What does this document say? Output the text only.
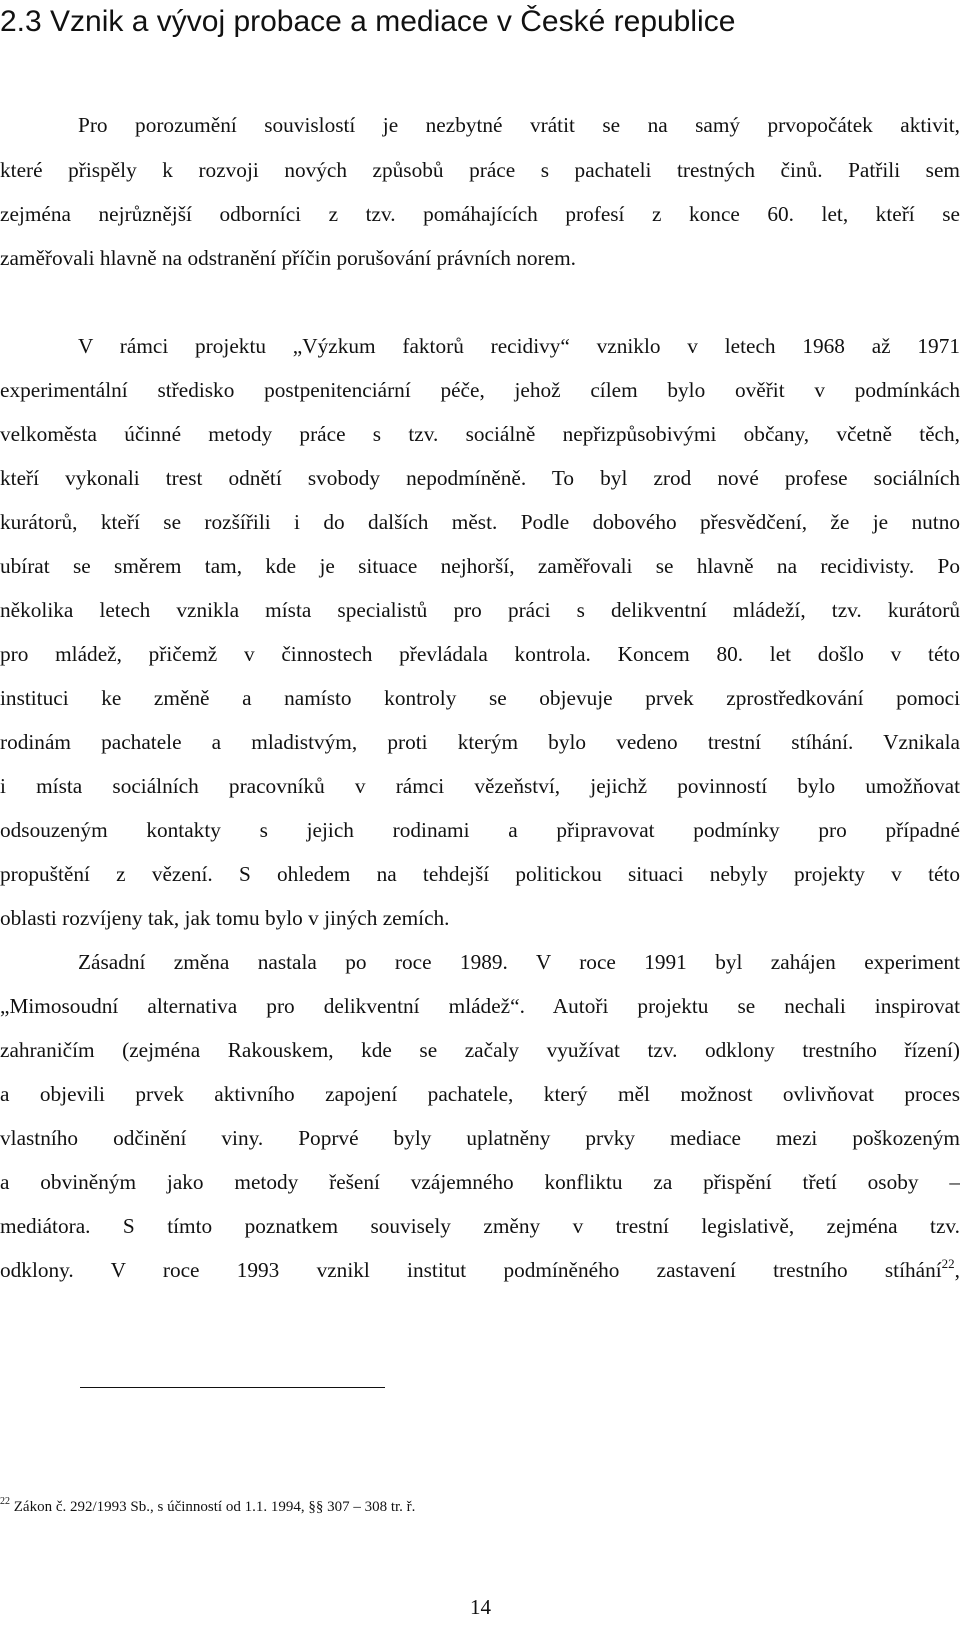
2.3 Vznik a vývoj probace a mediace v České republice
Pro porozumění souvislostí je nezbytné vrátit se na samý prvopočátek aktivit,
které přispěly k rozvoji nových způsobů práce s pachateli trestných činů. Patřili sem
zejména nejrůznější odborníci z tzv. pomáhajících profesí z konce 60. let, kteří se
zaměřovali hlavně na odstranění příčin porušování právních norem.
V rámci projektu „Výzkum faktorů recidivy“ vzniklo v letech 1968 až 1971
experimentální středisko postpenitenciární péče, jehož cílem bylo ověřit v podmínkách
velkoměsta účinné metody práce s tzv. sociálně nepřizpůsobivými občany, včetně těch,
kteří vykonali trest odnětí svobody nepodmíněně. To byl zrod nové profese sociálních
kurátorů, kteří se rozšířili i do dalších měst. Podle dobového přesvědčení, že je nutno
ubírat se směrem tam, kde je situace nejhorší, zaměřovali se hlavně na recidivisty. Po
několika letech vznikla místa specialistů pro práci s delikventní mládeží, tzv. kurátorů
pro mládež, přičemž v činnostech převládala kontrola. Koncem 80. let došlo v této
instituci ke změně a namísto kontroly se objevuje prvek zprostředkování pomoci
rodinám pachatele a mladistvým, proti kterým bylo vedeno trestní stíhání. Vznikala
i místa sociálních pracovníků v rámci vězeňství, jejichž povinností bylo umožňovat
odsouzeným kontakty s jejich rodinami a připravovat podmínky pro případné
propuštění z vězení. S ohledem na tehdejší politickou situaci nebyly projekty v této
oblasti rozvíjeny tak, jak tomu bylo v jiných zemích.
Zásadní změna nastala po roce 1989. V roce 1991 byl zahájen experiment
„Mimosoudní alternativa pro delikventní mládež“. Autoři projektu se nechali inspirovat
zahraničím (zejména Rakouskem, kde se začaly využívat tzv. odklony trestního řízení)
a objevili prvek aktivního zapojení pachatele, který měl možnost ovlivňovat proces
vlastního odčinění viny. Poprvé byly uplatněny prvky mediace mezi poškozeným
a obviněným jako metody řešení vzájemného konfliktu za přispění třetí osoby –
mediátora. S tímto poznatkem souvisely změny v trestní legislativě, zejména tzv.
odklony. V roce 1993 vznikl institut podmíněného zastavení trestního stíhání$^{22}$,
$^{22}$ Zákon č. 292/1993 Sb., s účinností od 1.1. 1994, §§ 307 – 308 tr. ř.
14
